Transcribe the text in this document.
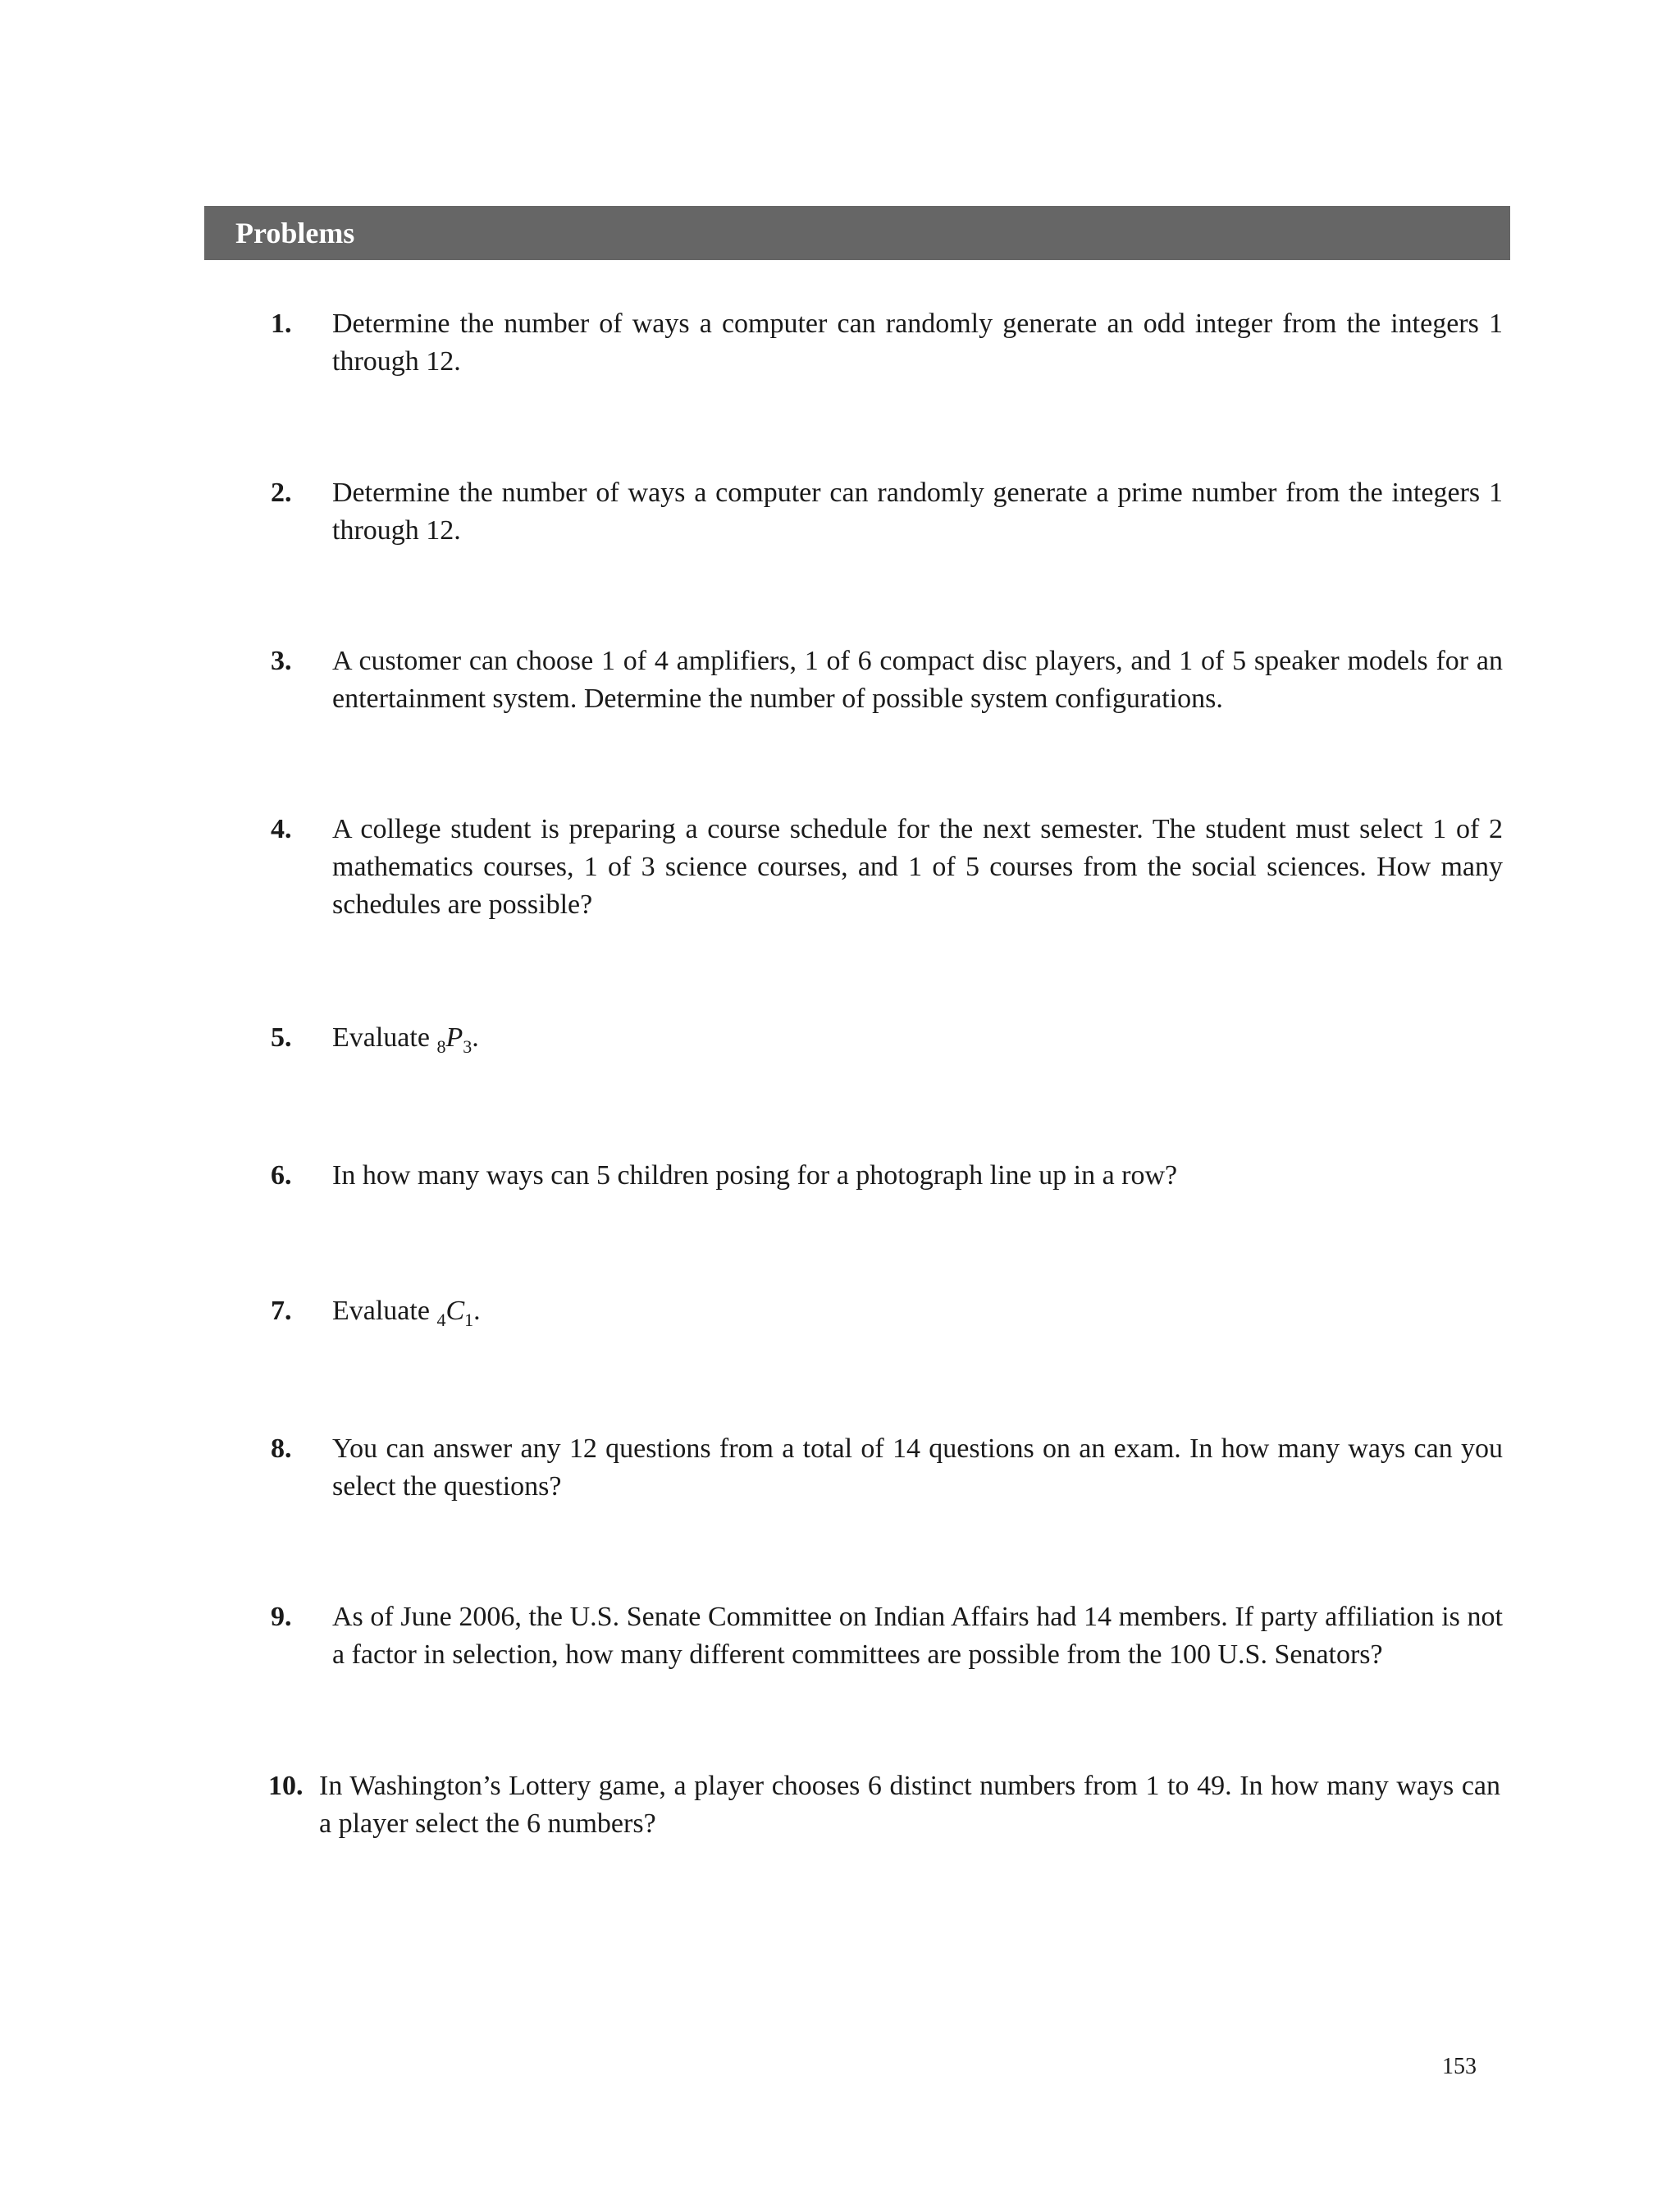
Problems
1.	Determine the number of ways a computer can randomly generate an odd integer from the integers 1 through 12.
2.	Determine the number of ways a computer can randomly generate a prime number from the integers 1 through 12.
3.	A customer can choose 1 of 4 amplifiers, 1 of 6 compact disc players, and 1 of 5 speaker models for an entertainment system. Determine the number of possible system configurations.
4.	A college student is preparing a course schedule for the next semester. The student must select 1 of 2 mathematics courses, 1 of 3 science courses, and 1 of 5 courses from the social sciences. How many schedules are possible?
5.	Evaluate $_8P_3$.
6.	In how many ways can 5 children posing for a photograph line up in a row?
7.	Evaluate $_4C_1$.
8.	You can answer any 12 questions from a total of 14 questions on an exam. In how many ways can you select the questions?
9.	As of June 2006, the U.S. Senate Committee on Indian Affairs had 14 members. If party affiliation is not a factor in selection, how many different committees are possible from the 100 U.S. Senators?
10. In Washington’s Lottery game, a player chooses 6 distinct numbers from 1 to 49. In how many ways can a player select the 6 numbers?
153
